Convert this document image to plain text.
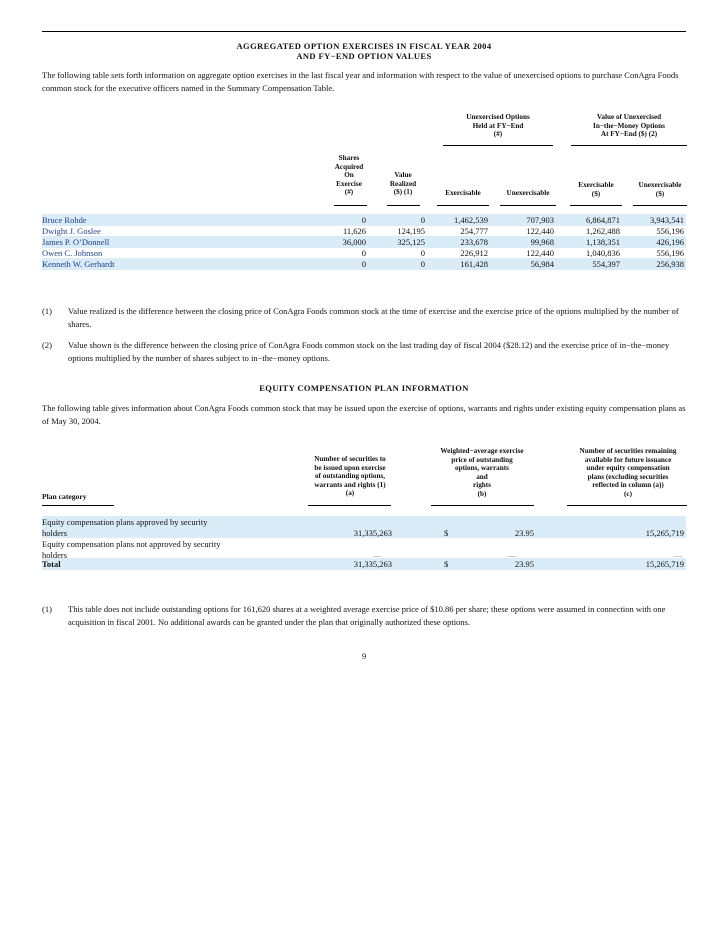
AGGREGATED OPTION EXERCISES IN FISCAL YEAR 2004
AND FY−END OPTION VALUES
The following table sets forth information on aggregate option exercises in the last fiscal year and information with respect to the value of unexercised options to purchase ConAgra Foods common stock for the executive officers named in the Summary Compensation Table.
Unexercised Options
Held at FY−End
(#)
Value of Unexercised
In−the−Money Options
At FY−End ($) (2)
Shares
Acquired
On
Exercise
(#)
Value
Realized
($) (1)	Exercisable	Unexercisable
Exercisable
($)
Unexercisable
($)
Bruce Rohde	0	0	1,462,539	707,903	6,864,871	3,943,541
Dwight J. Goslee	11,626	124,195	254,777	122,440	1,262,488	556,196
James P. O’Donnell	36,000	325,125	233,678	99,968	1,138,351	426,196
Owen C. Johnson	0	0	226,912	122,440	1,040,836	556,196
Kenneth W. Gerhardt	0	0	161,428	56,984	554,397	256,938
(1) Value realized is the difference between the closing price of ConAgra Foods common stock at the time of exercise and the exercise price of the options multiplied by the number of shares.
(2) Value shown is the difference between the closing price of ConAgra Foods common stock on the last trading day of fiscal 2004 ($28.12) and the exercise price of in−the−money options multiplied by the number of shares subject to in−the−money options.
EQUITY COMPENSATION PLAN INFORMATION
The following table gives information about ConAgra Foods common stock that may be issued upon the exercise of options, warrants and rights under existing equity compensation plans as of May 30, 2004.
Number of securities to
be issued upon exercise
of outstanding options,
warrants and rights (1)
(a)
Weighted−average exercise
price of outstanding
options, warrants
and
rights
(b)
Number of securities remaining
available for future issuance
under equity compensation
plans (excluding securities
reflected in column (a))
(c)
Plan category
Equity compensation plans approved by security
holders	31,335,263	$	23.95	15,265,719
Equity compensation plans not approved by security
holders	—	—	—
Total	31,335,263	$	23.95	15,265,719
(1) This table does not include outstanding options for 161,620 shares at a weighted average exercise price of $10.86 per share; these options were assumed in connection with one acquisition in fiscal 2001. No additional awards can be granted under the plan that originally authorized these options.
9
